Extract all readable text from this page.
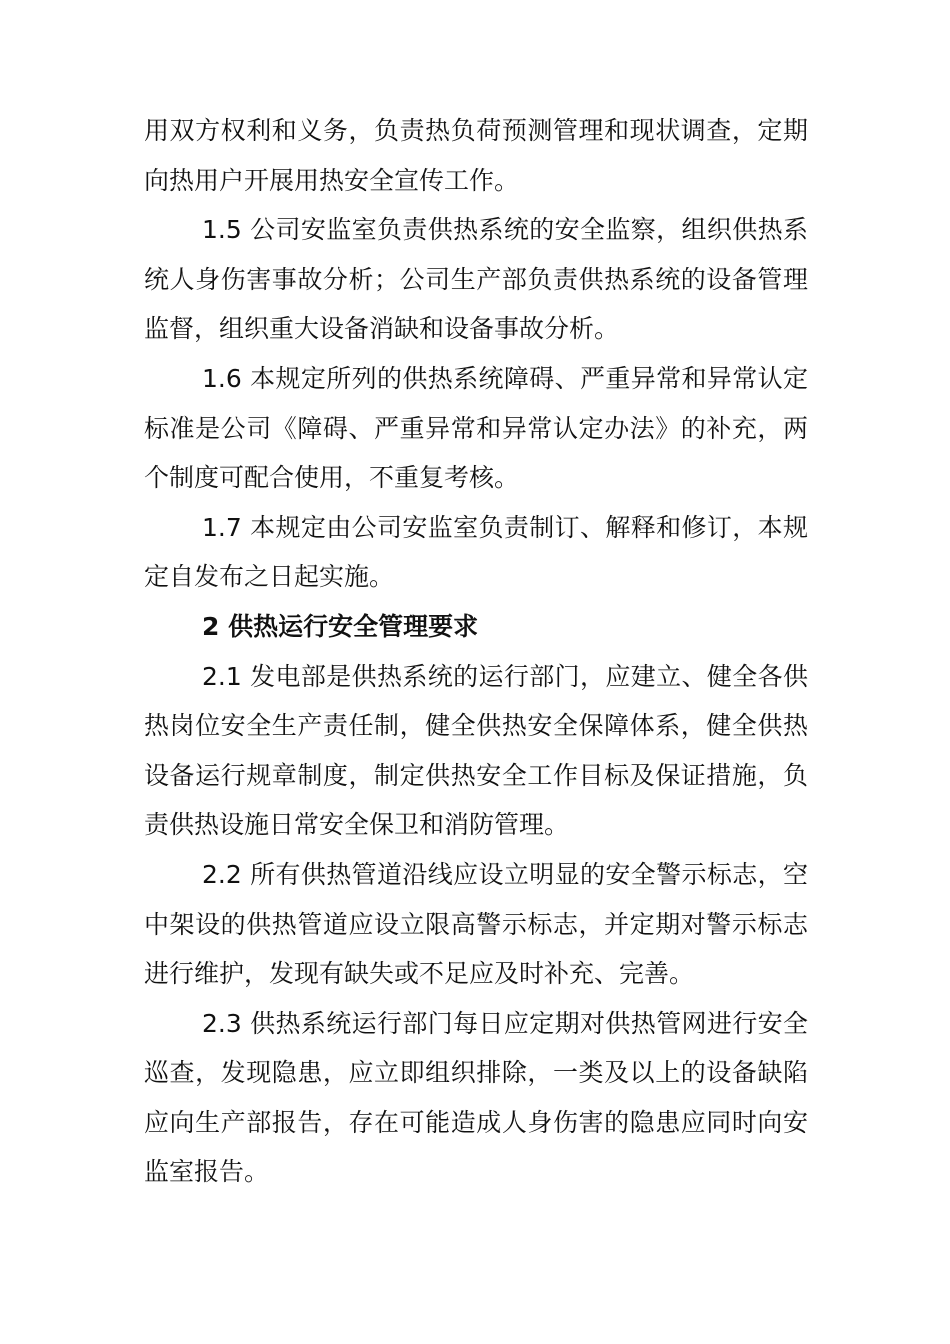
用双方权利和义务，负责热负荷预测管理和现状调查，定期向热用户开展用热安全宣传工作。

1.5 公司安监室负责供热系统的安全监察，组织供热系统人身伤害事故分析；公司生产部负责供热系统的设备管理监督，组织重大设备消缺和设备事故分析。

1.6 本规定所列的供热系统障碍、严重异常和异常认定标准是公司《障碍、严重异常和异常认定办法》的补充，两个制度可配合使用，不重复考核。

1.7 本规定由公司安监室负责制订、解释和修订，本规定自发布之日起实施。

2 供热运行安全管理要求

2.1 发电部是供热系统的运行部门，应建立、健全各供热岗位安全生产责任制，健全供热安全保障体系，健全供热设备运行规章制度，制定供热安全工作目标及保证措施，负责供热设施日常安全保卫和消防管理。

2.2 所有供热管道沿线应设立明显的安全警示标志，空中架设的供热管道应设立限高警示标志，并定期对警示标志进行维护，发现有缺失或不足应及时补充、完善。

2.3 供热系统运行部门每日应定期对供热管网进行安全巡查，发现隐患，应立即组织排除，一类及以上的设备缺陷应向生产部报告，存在可能造成人身伤害的隐患应同时向安监室报告。
